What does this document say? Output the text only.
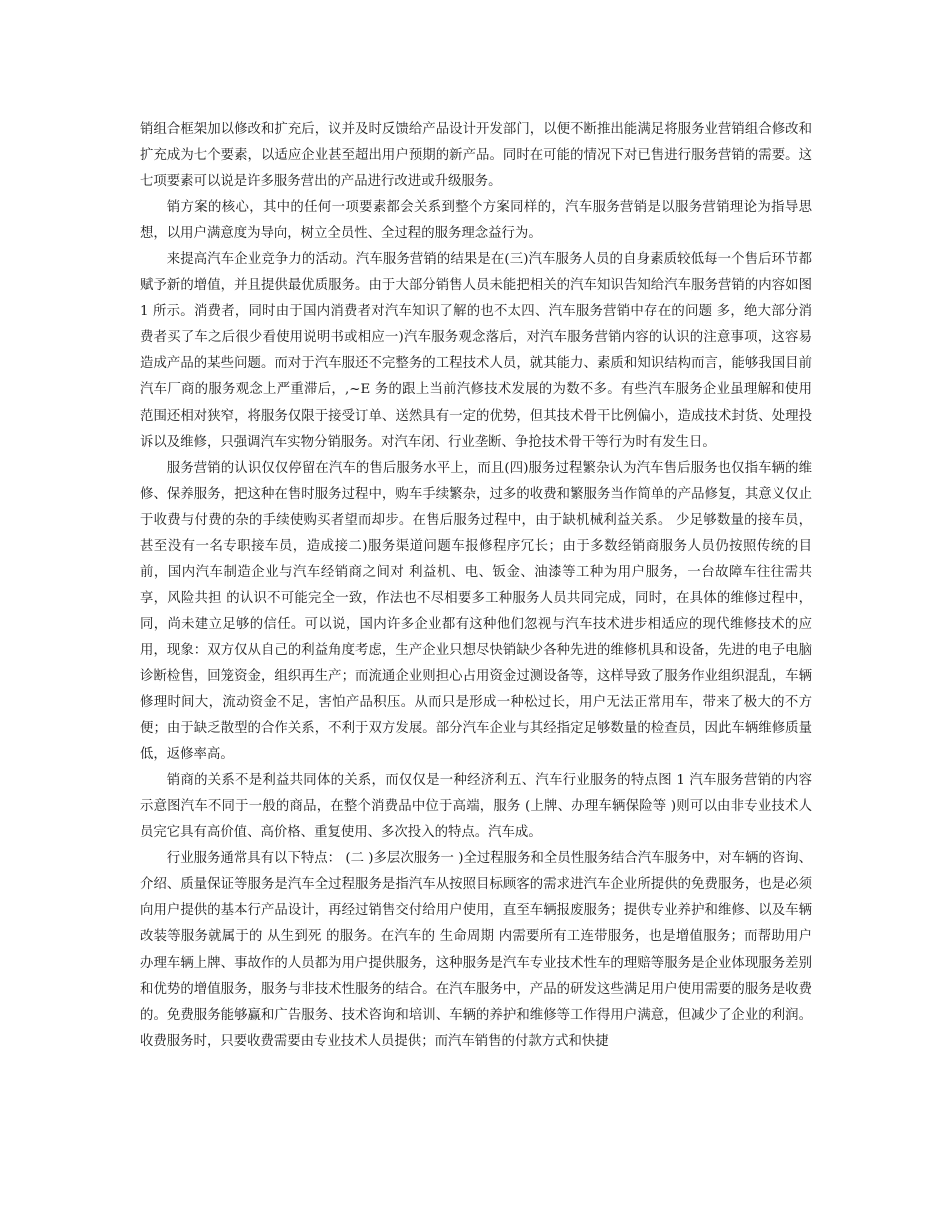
销组合框架加以修改和扩充后，议并及时反馈给产品设计开发部门，以便不断推出能满足将服务业营销组合修改和扩充成为七个要素，以适应企业甚至超出用户预期的新产品。同时在可能的情况下对已售进行服务营销的需要。这七项要素可以说是许多服务营出的产品进行改进或升级服务。

销方案的核心，其中的任何一项要素都会关系到整个方案同样的，汽车服务营销是以服务营销理论为指导思想，以用户满意度为导向，树立全员性、全过程的服务理念益行为。

来提高汽车企业竞争力的活动。汽车服务营销的结果是在(三)汽车服务人员的自身素质较低每一个售后环节都赋予新的增值，并且提供最优质服务。由于大部分销售人员未能把相关的汽车知识告知给汽车服务营销的内容如图 1 所示。消费者，同时由于国内消费者对汽车知识了解的也不太四、汽车服务营销中存在的问题 多，绝大部分消费者买了车之后很少看使用说明书或相应一)汽车服务观念落后，对汽车服务营销内容的认识的注意事项，这容易造成产品的某些问题。而对于汽车服还不完整务的工程技术人员，就其能力、素质和知识结构而言，能够我国目前汽车厂商的服务观念上严重滞后，,~E 务的跟上当前汽修技术发展的为数不多。有些汽车服务企业虽理解和使用范围还相对狭窄，将服务仅限于接受订单、送然具有一定的优势，但其技术骨干比例偏小，造成技术封货、处理投诉以及维修，只强调汽车实物分销服务。对汽车闭、行业垄断、争抢技术骨干等行为时有发生日。

服务营销的认识仅仅停留在汽车的售后服务水平上，而且(四)服务过程繁杂认为汽车售后服务也仅指车辆的维修、保养服务，把这种在售时服务过程中，购车手续繁杂，过多的收费和繁服务当作简单的产品修复，其意义仅止于收费与付费的杂的手续使购买者望而却步。在售后服务过程中，由于缺机械利益关系。 少足够数量的接车员，甚至没有一名专职接车员，造成接二)服务渠道问题车报修程序冗长；由于多数经销商服务人员仍按照传统的目前，国内汽车制造企业与汽车经销商之间对 利益机、电、钣金、油漆等工种为用户服务，一台故障车往往需共享，风险共担 的认识不可能完全一致，作法也不尽相要多工种服务人员共同完成，同时，在具体的维修过程中，同，尚未建立足够的信任。可以说，国内许多企业都有这种他们忽视与汽车技术进步相适应的现代维修技术的应用，现象：双方仅从自己的利益角度考虑，生产企业只想尽快销缺少各种先进的维修机具和设备，先进的电子电脑诊断检售，回笼资金，组织再生产；而流通企业则担心占用资金过测设备等，这样导致了服务作业组织混乱，车辆修理时间大，流动资金不足，害怕产品积压。从而只是形成一种松过长，用户无法正常用车，带来了极大的不方便；由于缺乏散型的合作关系，不利于双方发展。部分汽车企业与其经指定足够数量的检查员，因此车辆维修质量低，返修率高。

销商的关系不是利益共同体的关系，而仅仅是一种经济利五、汽车行业服务的特点图 1 汽车服务营销的内容示意图汽车不同于一般的商品，在整个消费品中位于高端，服务 (上牌、办理车辆保险等 )则可以由非专业技术人员完它具有高价值、高价格、重复使用、多次投入的特点。汽车成。

行业服务通常具有以下特点： (二 )多层次服务一 )全过程服务和全员性服务结合汽车服务中，对车辆的咨询、介绍、质量保证等服务是汽车全过程服务是指汽车从按照目标顾客的需求进汽车企业所提供的免费服务，也是必须向用户提供的基本行产品设计，再经过销售交付给用户使用，直至车辆报废服务；提供专业养护和维修、以及车辆改装等服务就属于的 从生到死 的服务。在汽车的 生命周期 内需要所有工连带服务，也是增值服务；而帮助用户办理车辆上牌、事故作的人员都为用户提供服务，这种服务是汽车专业技术性车的理赔等服务是企业体现服务差别和优势的增值服务，服务与非技术性服务的结合。在汽车服务中，产品的研发这些满足用户使用需要的服务是收费的。免费服务能够赢和广告服务、技术咨询和培训、车辆的养护和维修等工作得用户满意，但减少了企业的利润。收费服务时，只要收费需要由专业技术人员提供；而汽车销售的付款方式和快捷
